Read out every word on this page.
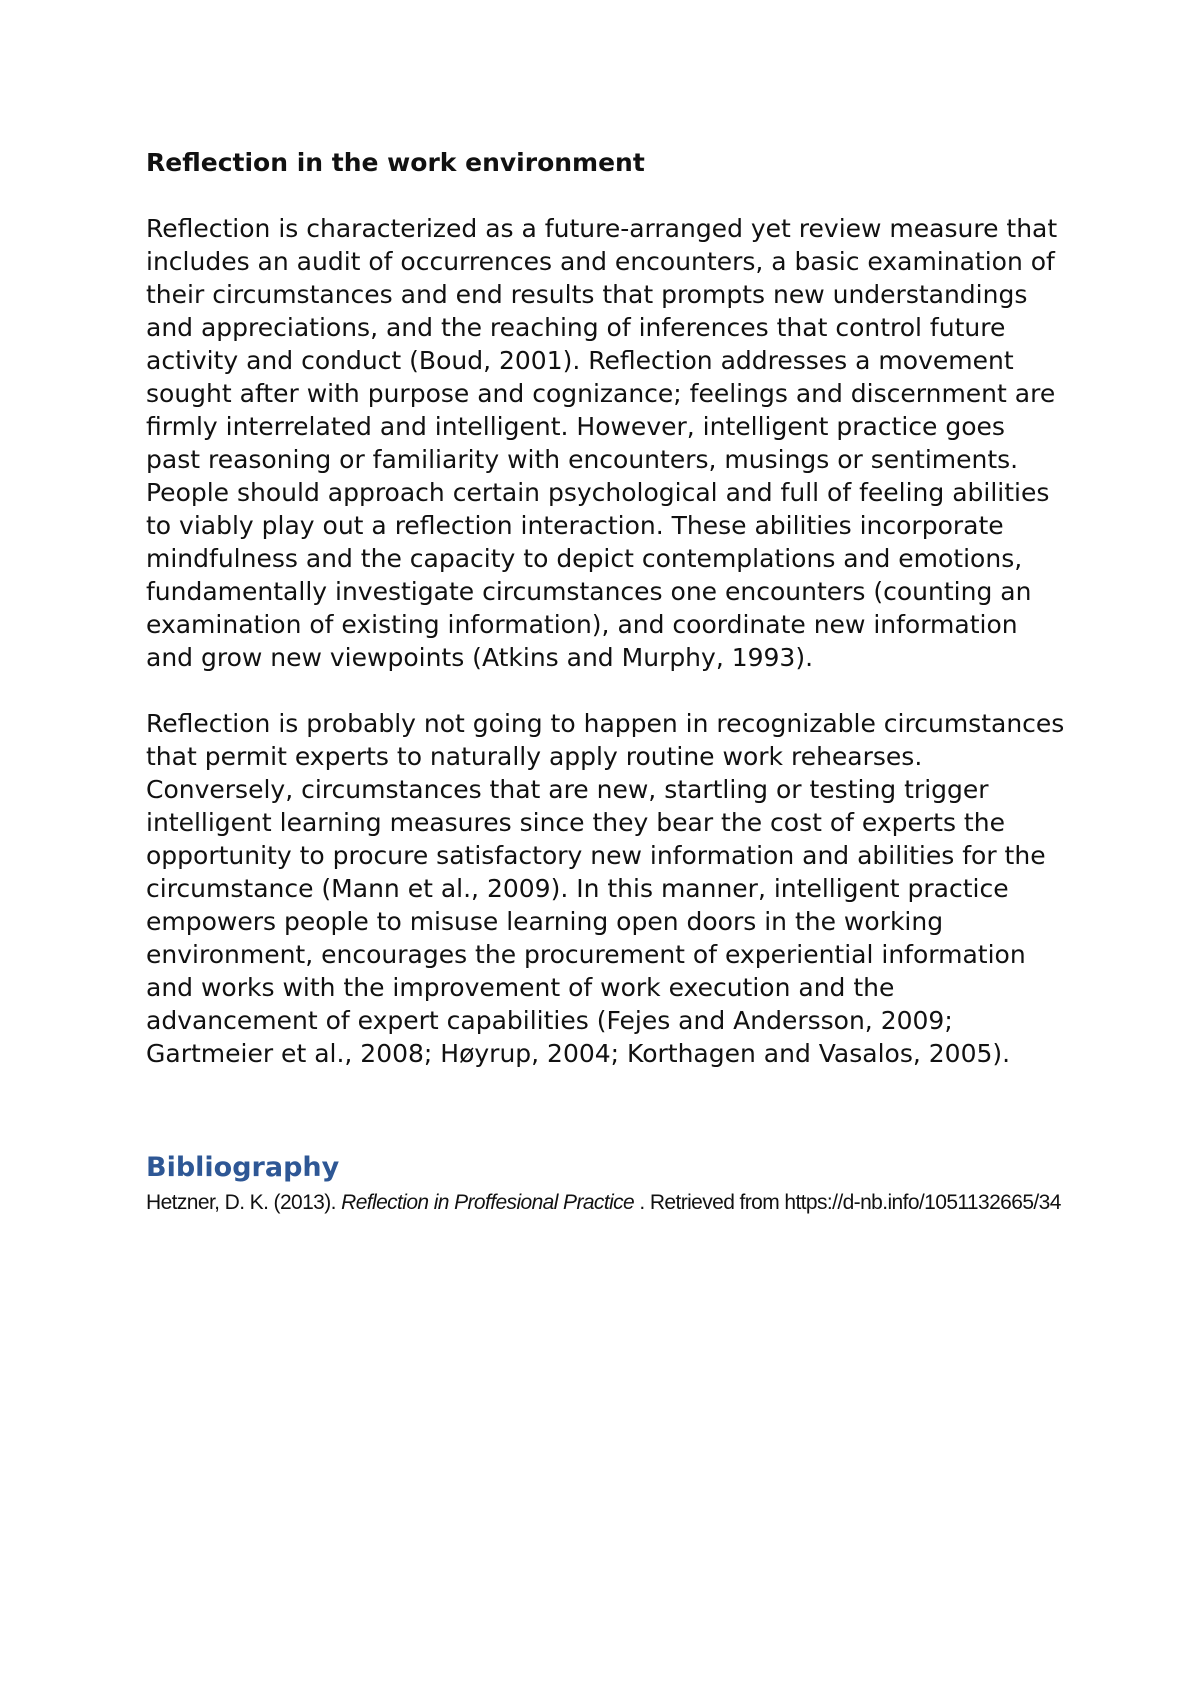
Reflection in the work environment

Reflection is characterized as a future-arranged yet review measure that includes an audit of occurrences and encounters, a basic examination of their circumstances and end results that prompts new understandings and appreciations, and the reaching of inferences that control future activity and conduct (Boud, 2001). Reflection addresses a movement sought after with purpose and cognizance; feelings and discernment are firmly interrelated and intelligent. However, intelligent practice goes past reasoning or familiarity with encounters, musings or sentiments. People should approach certain psychological and full of feeling abilities to viably play out a reflection interaction. These abilities incorporate mindfulness and the capacity to depict contemplations and emotions, fundamentally investigate circumstances one encounters (counting an examination of existing information), and coordinate new information and grow new viewpoints (Atkins and Murphy, 1993).

Reflection is probably not going to happen in recognizable circumstances that permit experts to naturally apply routine work rehearses. Conversely, circumstances that are new, startling or testing trigger intelligent learning measures since they bear the cost of experts the opportunity to procure satisfactory new information and abilities for the circumstance (Mann et al., 2009). In this manner, intelligent practice empowers people to misuse learning open doors in the working environment, encourages the procurement of experiential information and works with the improvement of work execution and the advancement of expert capabilities (Fejes and Andersson, 2009; Gartmeier et al., 2008; Høyrup, 2004; Korthagen and Vasalos, 2005).

Bibliography

Hetzner, D. K. (2013). Reflection in Proffesional Practice . Retrieved from https://d-nb.info/1051132665/34
